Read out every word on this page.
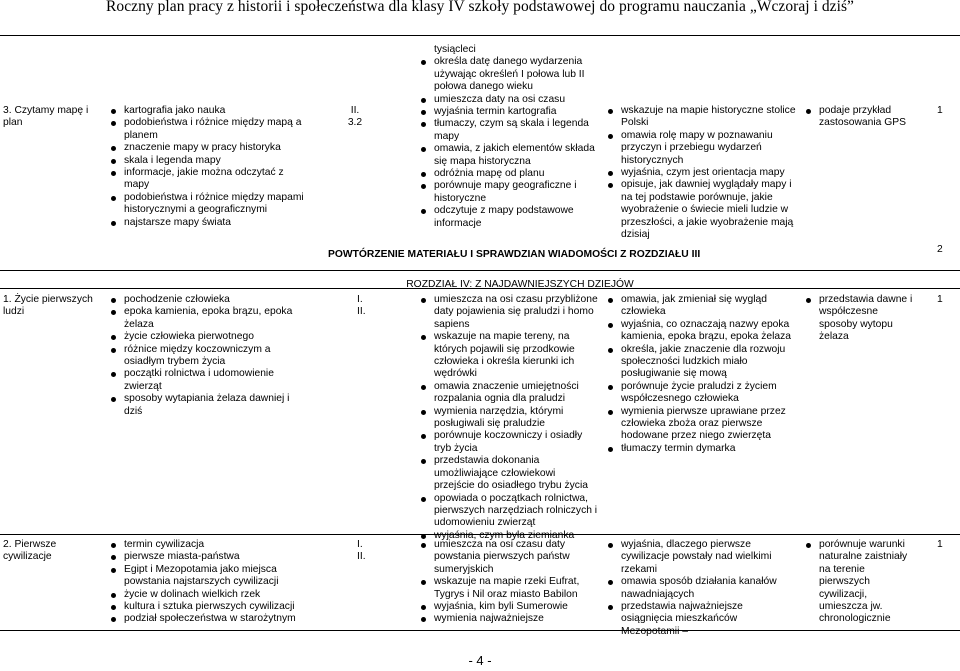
Roczny plan pracy z historii i społeczeństwa dla klasy IV szkoły podstawowej do programu nauczania „Wczoraj i dziś”
3. Czytamy mapę i plan
kartografia jako nauka
podobieństwa i różnice między mapą a planem
znaczenie mapy w pracy historyka
skala i legenda mapy
informacje, jakie można odczytać z mapy
podobieństwa i różnice między mapami historycznymi a geograficznymi
najstarsze mapy świata
II.
3.2
tysiącleci
określa datę danego wydarzenia używając określeń I połowa lub II połowa danego wieku
umieszcza daty na osi czasu
wyjaśnia termin kartografia
tłumaczy, czym są skala i legenda mapy
omawia, z jakich elementów składa się mapa historyczna
odróżnia mapę od planu
porównuje mapy geograficzne i historyczne
odczytuje z mapy podstawowe informacje
wskazuje na mapie historyczne stolice Polski
omawia rolę mapy w poznawaniu przyczyn i przebiegu wydarzeń historycznych
wyjaśnia, czym jest orientacja mapy
opisuje, jak dawniej wyglądały mapy i na tej podstawie porównuje, jakie wyobrażenie o świecie mieli ludzie w przeszłości, a jakie wyobrażenie mają dzisiaj
podaje przykład zastosowania GPS
1
POWTÓRZENIE MATERIAŁU I SPRAWDZIAN WIADOMOŚCI Z ROZDZIAŁU III	2
ROZDZIAŁ IV: Z NAJDAWNIEJSZYCH DZIEJÓW
1. Życie pierwszych ludzi
pochodzenie człowieka
epoka kamienia, epoka brązu, epoka żelaza
życie człowieka pierwotnego
różnice między koczowniczym a osiadłym trybem życia
początki rolnictwa i udomowienie zwierząt
sposoby wytapiania żelaza dawniej i dziś
I.
II.
umieszcza na osi czasu przybliżone daty pojawienia się praludzi i homo sapiens
wskazuje na mapie tereny, na których pojawili się przodkowie człowieka i określa kierunki ich wędrówki
omawia znaczenie umiejętności rozpalania ognia dla praludzi
wymienia narzędzia, którymi posługiwali się praludzie
porównuje koczowniczy i osiadły tryb życia
przedstawia dokonania umożliwiające człowiekowi przejście do osiadłego trybu życia
opowiada o początkach rolnictwa, pierwszych narzędziach rolniczych i udomowieniu zwierząt
wyjaśnia, czym była ziemianka
omawia, jak zmieniał się wygląd człowieka
wyjaśnia, co oznaczają nazwy epoka kamienia, epoka brązu, epoka żelaza
określa, jakie znaczenie dla rozwoju społeczności ludzkich miało posługiwanie się mową
porównuje życie praludzi z życiem współczesnego człowieka
wymienia pierwsze uprawiane przez człowieka zboża oraz pierwsze hodowane przez niego zwierzęta
tłumaczy termin dymarka
przedstawia dawne i współczesne sposoby wytopu żelaza
1
2. Pierwsze cywilizacje
termin cywilizacja
pierwsze miasta-państwa
Egipt i Mezopotamia jako miejsca powstania najstarszych cywilizacji
życie w dolinach wielkich rzek
kultura i sztuka pierwszych cywilizacji
podział społeczeństwa w starożytnym
I.
II.
umieszcza na osi czasu daty powstania pierwszych państw sumeryjskich
wskazuje na mapie rzeki Eufrat, Tygrys i Nil oraz miasto Babilon
wyjaśnia, kim byli Sumerowie
wymienia najważniejsze
wyjaśnia, dlaczego pierwsze cywilizacje powstały nad wielkimi rzekami
omawia sposób działania kanałów nawadniających
przedstawia najważniejsze osiągnięcia mieszkańców Mezopotamii –
porównuje warunki naturalne zaistniały na terenie pierwszych cywilizacji, umieszcza jw. chronologicznie
1
- 4 -
